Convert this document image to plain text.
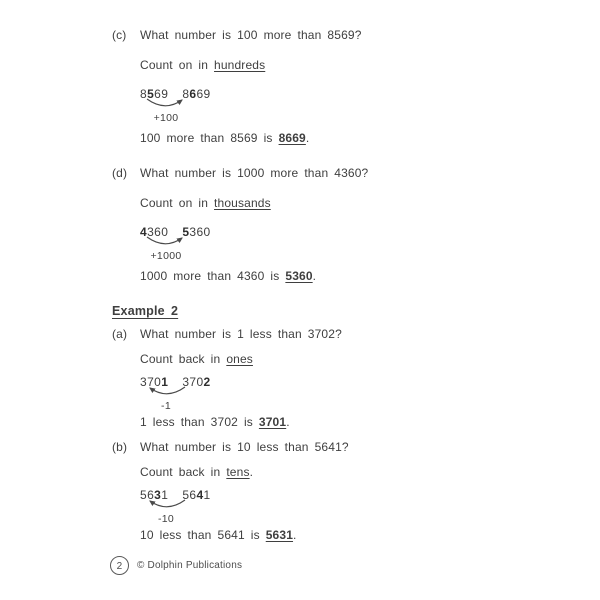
(c)	What number is 100 more than 8569?
Count on in hundreds
8569 8669
+100
100 more than 8569 is 8669.
(d)	What number is 1000 more than 4360?
Count on in thousands
4360 5360
+1000
1000 more than 4360 is 5360.
Example 2
(a)	What number is 1 less than 3702?
Count back in ones
3701 3702
-1
1 less than 3702 is 3701.
(b)	What number is 10 less than 5641?
Count back in tens.
5631 5641
-10
10 less than 5641 is 5631.
2	© Dolphin Publications
